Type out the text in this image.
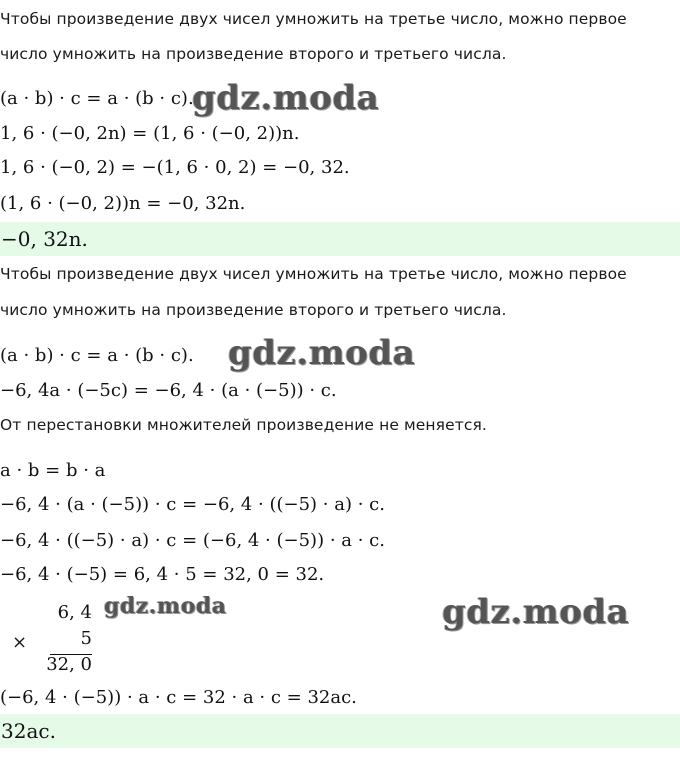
Чтобы произведение двух чисел умножить на третье число, можно первое
число умножить на произведение второго и третьего числа.
(a · b) · c = a · (b · c).
gdz.moda
1, 6 · (−0, 2n) = (1, 6 · (−0, 2))n.
1, 6 · (−0, 2) = −(1, 6 · 0, 2) = −0, 32.
(1, 6 · (−0, 2))n = −0, 32n.
−0, 32n.
Чтобы произведение двух чисел умножить на третье число, можно первое
число умножить на произведение второго и третьего числа.
(a · b) · c = a · (b · c). gdz.moda
−6, 4a · (−5c) = −6, 4 · (a · (−5)) · c.
От перестановки множителей произведение не меняется.
a · b = b · a
−6, 4 · (a · (−5)) · c = −6, 4 · ((−5) · a) · c.
−6, 4 · ((−5) · a) · c = (−6, 4 · (−5)) · a · c.
−6, 4 · (−5) = 6, 4 · 5 = 32, 0 = 32.
6, 4
×	5
32, 0
gdz.moda	gdz.moda
(−6, 4 · (−5)) · a · c = 32 · a · c = 32ac.
32ac.
